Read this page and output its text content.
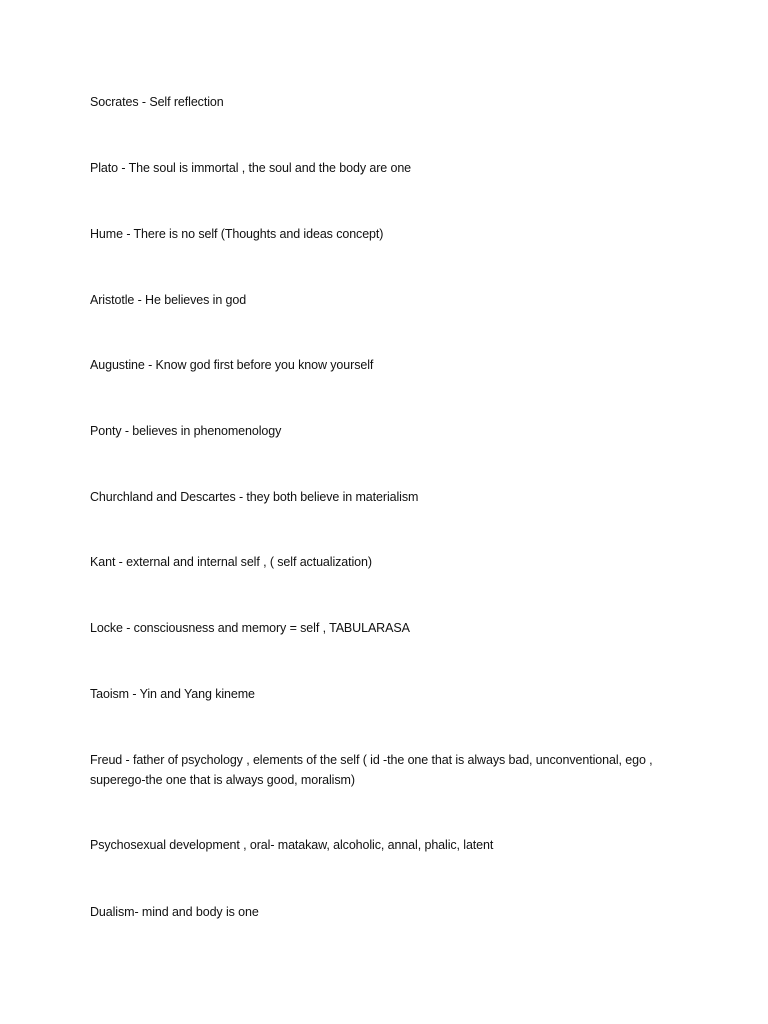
Socrates - Self reflection
Plato - The soul is immortal , the soul and the body are one
Hume - There is no self (Thoughts and ideas concept)
Aristotle - He believes in god
Augustine - Know god first before you know yourself
Ponty - believes in phenomenology
Churchland and Descartes - they both believe in materialism
Kant - external and internal self , ( self actualization)
Locke - consciousness and memory = self , TABULARASA
Taoism - Yin and Yang kineme
Freud - father of psychology , elements of the self ( id -the one that is always bad, unconventional, ego ,
superego-the one that is always good, moralism)
Psychosexual development , oral- matakaw, alcoholic, annal, phalic, latent
Dualism- mind and body is one
